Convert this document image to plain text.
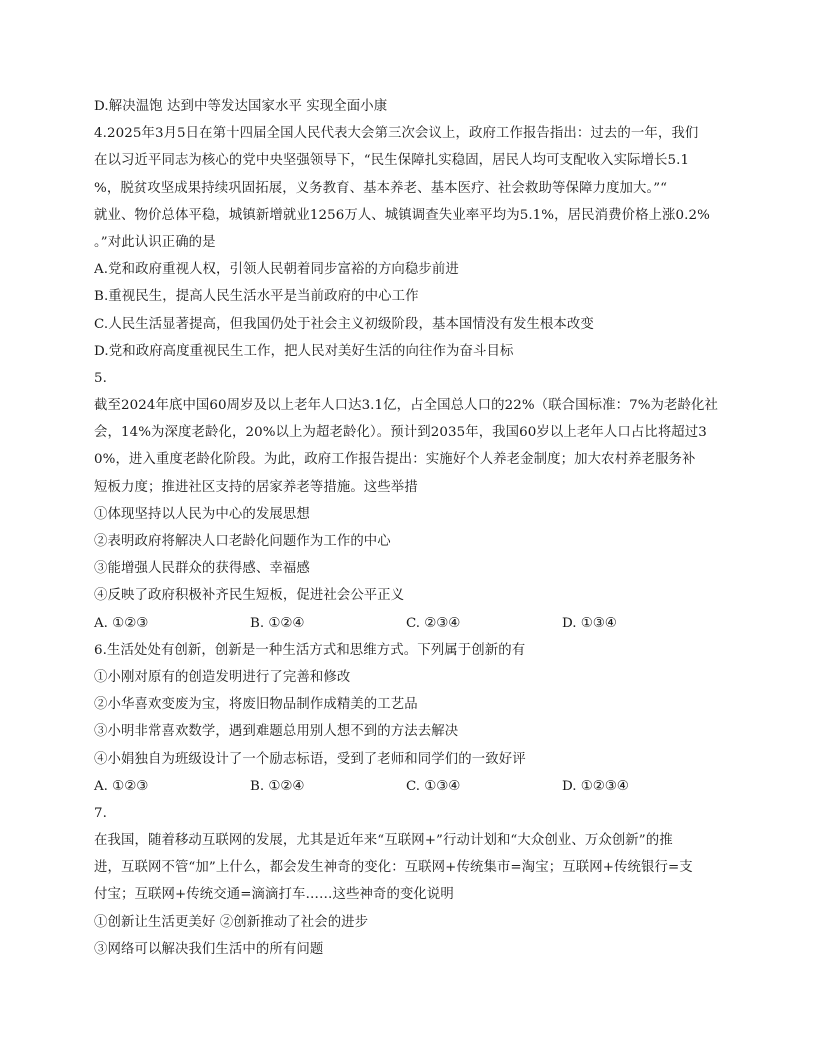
D.解决温饱 达到中等发达国家水平 实现全面小康
4.2025年3月5日在第十四届全国人民代表大会第三次会议上，政府工作报告指出：过去的一年，我们
在以习近平同志为核心的党中央坚强领导下，“民生保障扎实稳固，居民人均可支配收入实际增长5.1
%，脱贫攻坚成果持续巩固拓展，义务教育、基本养老、基本医疗、社会救助等保障力度加大。”“
就业、物价总体平稳，城镇新增就业1256万人、城镇调查失业率平均为5.1%，居民消费价格上涨0.2%
。”对此认识正确的是
A.党和政府重视人权，引领人民朝着同步富裕的方向稳步前进
B.重视民生，提高人民生活水平是当前政府的中心工作
C.人民生活显著提高，但我国仍处于社会主义初级阶段，基本国情没有发生根本改变
D.党和政府高度重视民生工作，把人民对美好生活的向往作为奋斗目标
5.
截至2024年底中国60周岁及以上老年人口达3.1亿，占全国总人口的22%（联合国标准：7%为老龄化社
会，14%为深度老龄化，20%以上为超老龄化）。预计到2035年，我国60岁以上老年人口占比将超过3
0%，进入重度老龄化阶段。为此，政府工作报告提出：实施好个人养老金制度；加大农村养老服务补
短板力度；推进社区支持的居家养老等措施。这些举措
①体现坚持以人民为中心的发展思想
②表明政府将解决人口老龄化问题作为工作的中心
③能增强人民群众的获得感、幸福感
④反映了政府积极补齐民生短板，促进社会公平正义
A. ①②③	B. ①②④	C. ②③④	D. ①③④
6.生活处处有创新，创新是一种生活方式和思维方式。下列属于创新的有
①小刚对原有的创造发明进行了完善和修改
②小华喜欢变废为宝，将废旧物品制作成精美的工艺品
③小明非常喜欢数学，遇到难题总用别人想不到的方法去解决
④小娟独自为班级设计了一个励志标语，受到了老师和同学们的一致好评
A. ①②③	B. ①②④	C. ①③④	D. ①②③④
7.
在我国，随着移动互联网的发展，尤其是近年来“互联网+”行动计划和“大众创业、万众创新”的推
进，互联网不管“加”上什么，都会发生神奇的变化：互联网+传统集市=淘宝；互联网+传统银行=支
付宝；互联网+传统交通=滴滴打车……这些神奇的变化说明
①创新让生活更美好 ②创新推动了社会的进步
③网络可以解决我们生活中的所有问题
